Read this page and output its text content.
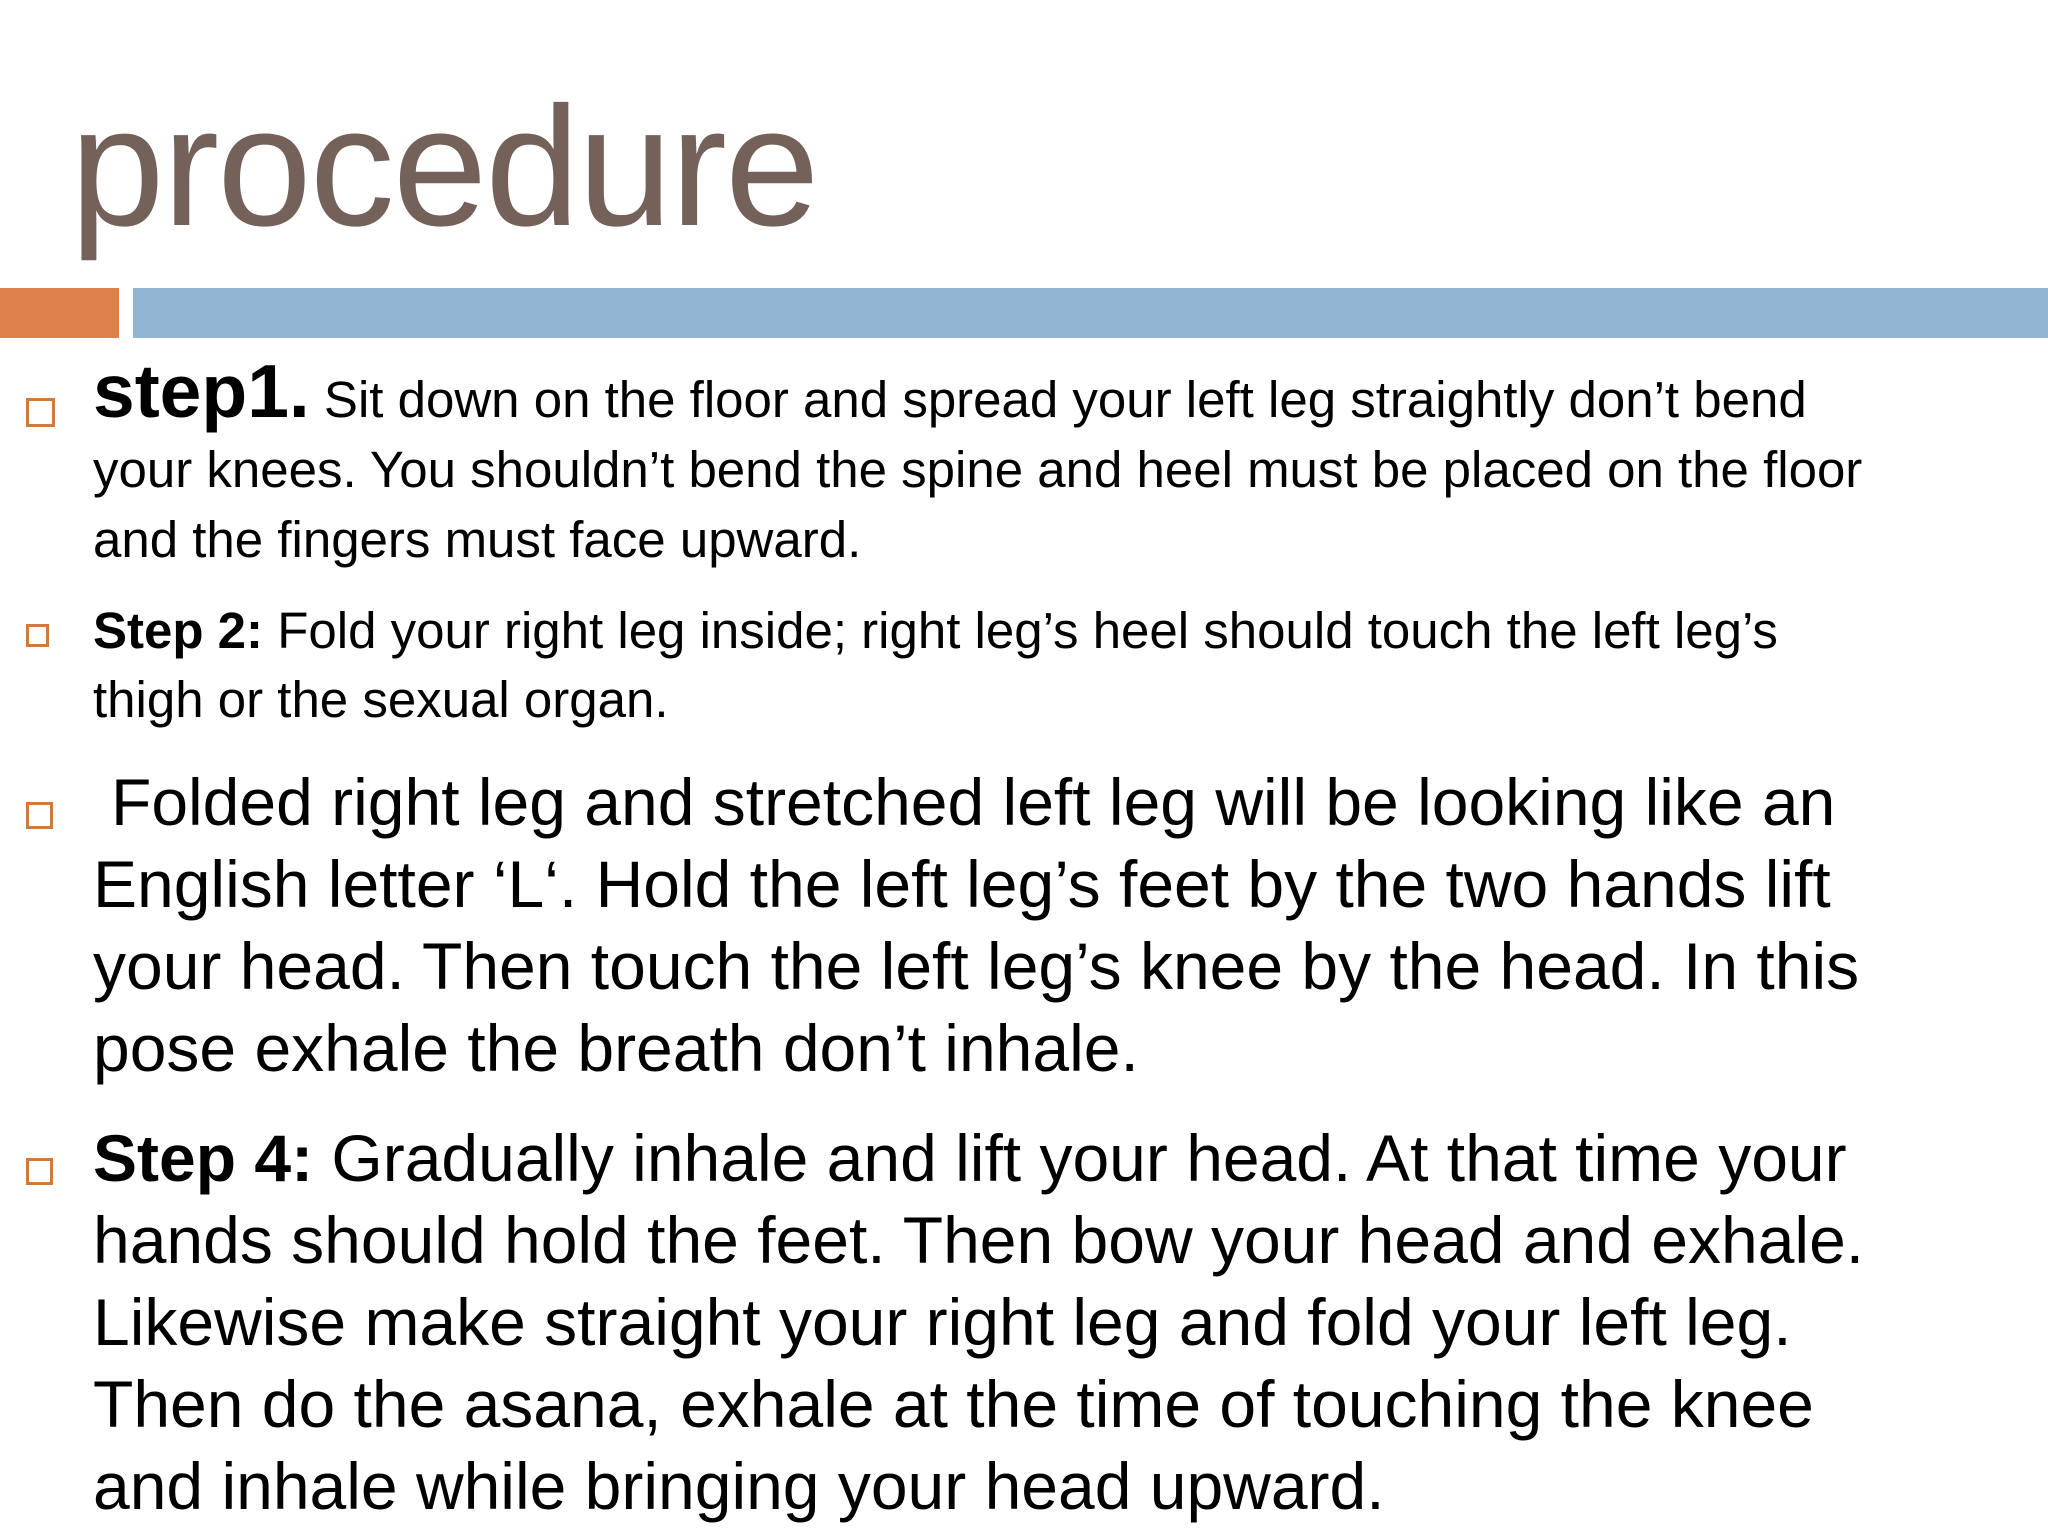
procedure

step1. Sit down on the floor and spread your left leg straightly don’t bend your knees. You shouldn’t bend the spine and heel must be placed on the floor and the fingers must face upward.

Step 2: Fold your right leg inside; right leg’s heel should touch the left leg’s thigh or the sexual organ.

Folded right leg and stretched left leg will be looking like an English letter ‘L‘. Hold the left leg’s feet by the two hands lift your head. Then touch the left leg’s knee by the head. In this pose exhale the breath don’t inhale.

Step 4: Gradually inhale and lift your head. At that time your hands should hold the feet. Then bow your head and exhale. Likewise make straight your right leg and fold your left leg. Then do the asana, exhale at the time of touching the knee and inhale while bringing your head upward.
